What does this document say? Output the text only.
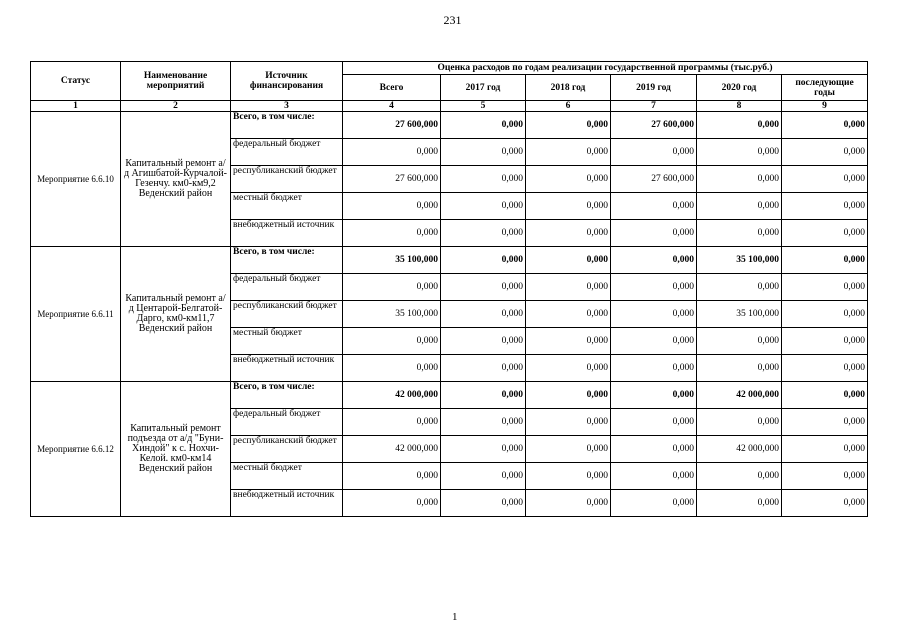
231
Статус	Наименование мероприятий	Источник финансирования	Оценка расходов по годам реализации государственной программы (тыс.руб.)					
			Всего	2017 год	2018 год	2019 год	2020 год	последующие годы
1	2	3	4	5	6	7	8	9
Мероприятие 6.6.10	Капитальный ремонт а/д Агишбатой-Курчалой-Гезенчу. км0-км9,2 Веденский район	Всего, в том числе:	27 600,000	0,000	0,000	27 600,000	0,000	0,000
		федеральный бюджет	0,000	0,000	0,000	0,000	0,000	0,000
		республиканский бюджет	27 600,000	0,000	0,000	27 600,000	0,000	0,000
		местный бюджет	0,000	0,000	0,000	0,000	0,000	0,000
		внебюджетный источник	0,000	0,000	0,000	0,000	0,000	0,000
Мероприятие 6.6.11	Капитальный ремонт а/д Центарой-Белгатой-Дарго, км0-км11,7 Веденский район	Всего, в том числе:	35 100,000	0,000	0,000	0,000	35 100,000	0,000
		федеральный бюджет	0,000	0,000	0,000	0,000	0,000	0,000
		республиканский бюджет	35 100,000	0,000	0,000	0,000	35 100,000	0,000
		местный бюджет	0,000	0,000	0,000	0,000	0,000	0,000
		внебюджетный источник	0,000	0,000	0,000	0,000	0,000	0,000
Мероприятие 6.6.12	Капитальный ремонт подъезда от а/д "Буни-Хиндой" к с. Нохчи-Келой. км0-км14 Веденский район	Всего, в том числе:	42 000,000	0,000	0,000	0,000	42 000,000	0,000
		федеральный бюджет	0,000	0,000	0,000	0,000	0,000	0,000
		республиканский бюджет	42 000,000	0,000	0,000	0,000	42 000,000	0,000
		местный бюджет	0,000	0,000	0,000	0,000	0,000	0,000
		внебюджетный источник	0,000	0,000	0,000	0,000	0,000	0,000
1
